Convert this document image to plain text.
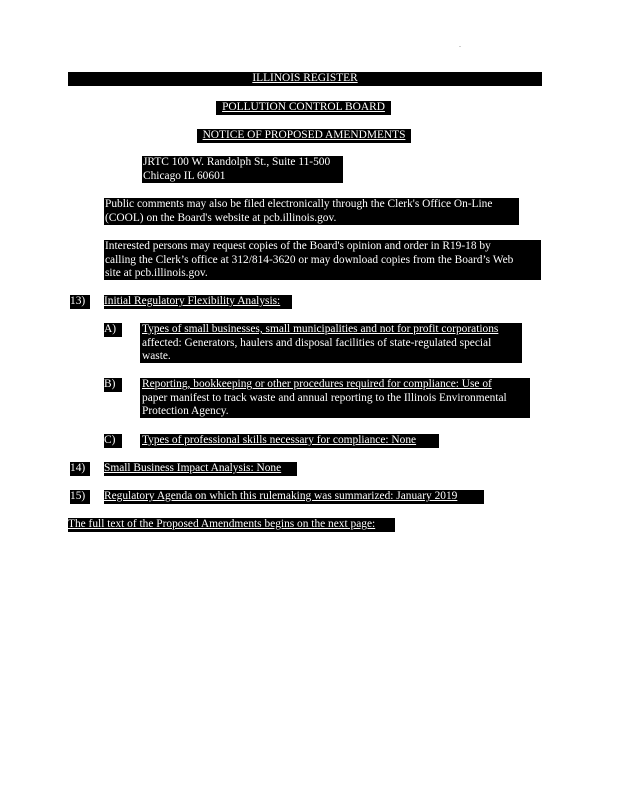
ILLINOIS REGISTER
POLLUTION CONTROL BOARD
NOTICE OF PROPOSED AMENDMENTS
JRTC 100 W. Randolph St., Suite 11-500
Chicago IL 60601
Public comments may also be filed electronically through the Clerk's Office On-Line
(COOL) on the Board's website at pcb.illinois.gov.
Interested persons may request copies of the Board's opinion and order in R19-18 by
calling the Clerk’s office at 312/814-3620 or may download copies from the Board’s Web
site at pcb.illinois.gov.
13)	Initial Regulatory Flexibility Analysis:
A)	Types of small businesses, small municipalities and not for profit corporations
affected: Generators, haulers and disposal facilities of state-regulated special
waste.
B)	Reporting, bookkeeping or other procedures required for compliance: Use of
paper manifest to track waste and annual reporting to the Illinois Environmental
Protection Agency.
C)	Types of professional skills necessary for compliance: None
14)	Small Business Impact Analysis: None
15)	Regulatory Agenda on which this rulemaking was summarized: January 2019
The full text of the Proposed Amendments begins on the next page:
